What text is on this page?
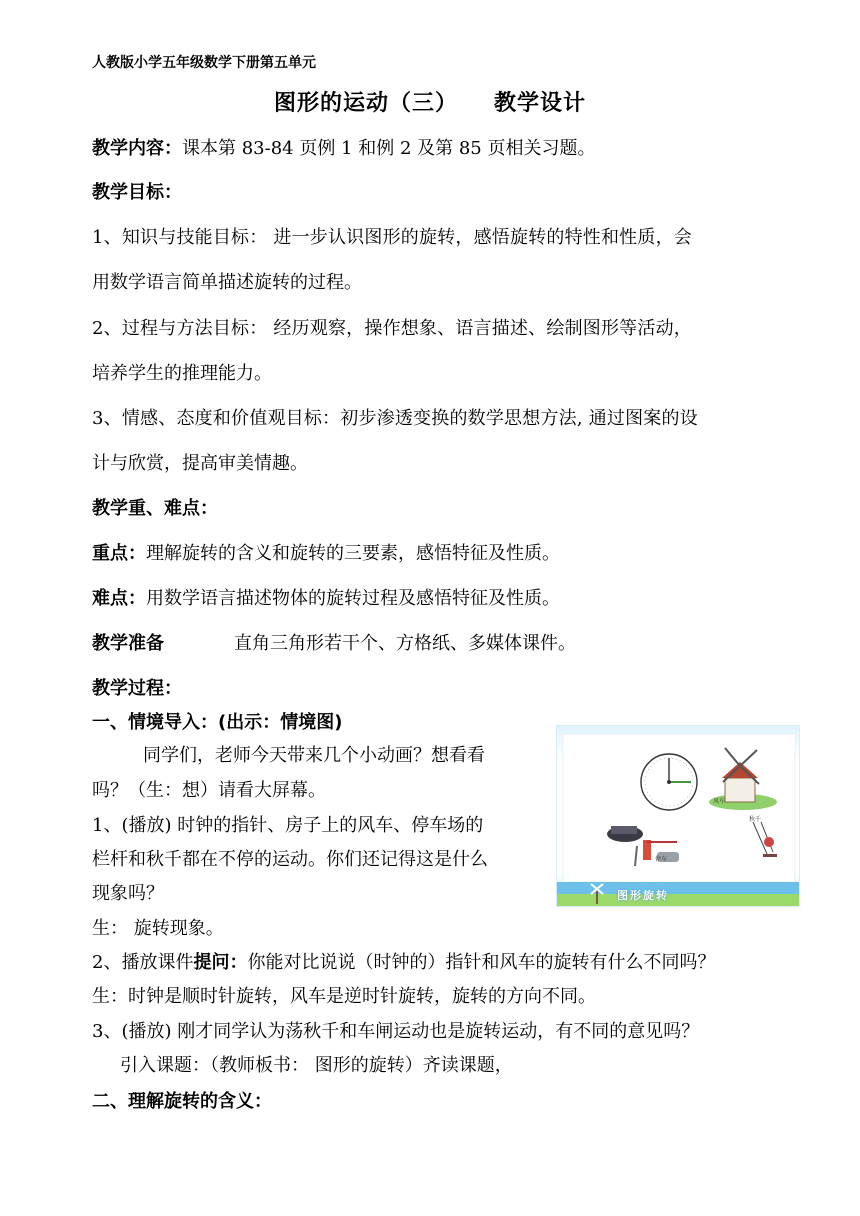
人教版小学五年级数学下册第五单元
图形的运动（三） 教学设计
教学内容：课本第 83-84 页例 1 和例 2 及第 85 页相关习题。
教学目标：
1、知识与技能目标： 进一步认识图形的旋转，感悟旋转的特性和性质，会
用数学语言简单描述旋转的过程。
2、过程与方法目标： 经历观察，操作想象、语言描述、绘制图形等活动，
培养学生的推理能力。
3、情感、态度和价值观目标：初步渗透变换的数学思想方法, 通过图案的设
计与欣赏，提高审美情趣。
教学重、难点：
重点：理解旋转的含义和旋转的三要素，感悟特征及性质。
难点：用数学语言描述物体的旋转过程及感悟特征及性质。
教学准备	直角三角形若干个、方格纸、多媒体课件。
教学过程：
一、情境导入：(出示：情境图)
同学们，老师今天带来几个小动画？想看看
吗？（生：想）请看大屏幕。
1、(播放) 时钟的指针、房子上的风车、停车场的
栏杆和秋千都在不停的运动。你们还记得这是什么
现象吗？
生： 旋转现象。
2、播放课件提问：你能对比说说（时钟的）指针和风车的旋转有什么不同吗？
生：时钟是顺时针旋转，风车是逆时针旋转，旋转的方向不同。
3、(播放) 刚才同学认为荡秋千和车闸运动也是旋转运动，有不同的意见吗？
引入课题：（教师板书： 图形的旋转）齐读课题，
二、理解旋转的含义：
风车
秋千
停车
图形旋转
